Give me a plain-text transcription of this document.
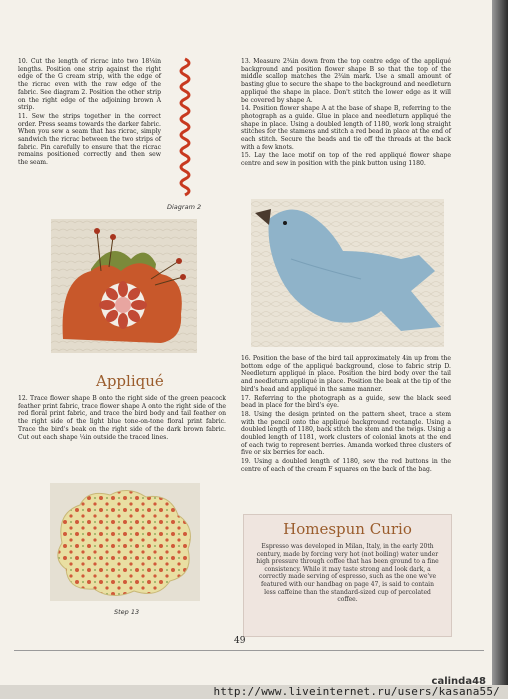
10. Cut the length of ricrac into two 18⅛in lengths. Position one strip against the right edge of the G cream strip, with the edge of the ricrac even with the raw edge of the fabric. See diagram 2. Position the other strip on the right edge of the adjoining brown A strip.

11. Sew the strips together in the correct order. Press seams towards the darker fabric. When you sew a seam that has ricrac, simply sandwich the ricrac between the two strips of fabric. Pin carefully to ensure that the ricrac remains positioned correctly and then sew the seam.

Diagram 2
Appliqué

12. Trace flower shape B onto the right side of the green peacock feather print fabric, trace flower shape A onto the right side of the red floral print fabric, and trace the bird body and tail feather on the right side of the light blue tone-on-tone floral print fabric. Trace the bird's beak on the right side of the dark brown fabric. Cut out each shape ¼in outside the traced lines.

Step 13

13. Measure 2¾in down from the top centre edge of the appliqué background and position flower shape B so that the top of the middle scallop matches the 2¾in mark. Use a small amount of basting glue to secure the shape to the background and needleturn appliqué the shape in place. Don't stitch the lower edge as it will be covered by shape A.

14. Position flower shape A at the base of shape B, referring to the photograph as a guide. Glue in place and needleturn appliqué the shape in place. Using a doubled length of 1180, work long straight stitches for the stamens and stitch a red bead in place at the end of each stitch. Secure the beads and tie off the threads at the back with a few knots.

15. Lay the lace motif on top of the red appliqué flower shape centre and sew in position with the pink button using 1180.

16. Position the base of the bird tail approximately 4in up from the bottom edge of the appliqué background, close to fabric strip D. Needleturn appliqué in place. Position the bird body over the tail and needleturn appliqué in place. Position the beak at the tip of the bird's head and appliqué in the same manner.

17. Referring to the photograph as a guide, sew the black seed bead in place for the bird's eye.

18. Using the design printed on the pattern sheet, trace a stem with the pencil onto the appliqué background rectangle. Using a doubled length of 1180, back stitch the stem and the twigs. Using a doubled length of 1181, work clusters of colonial knots at the end of each twig to represent berries. Amanda worked three clusters of five or six berries for each.

19. Using a doubled length of 1180, sew the red buttons in the centre of each of the cream F squares on the back of the bag.

Homespun Curio
Espresso was developed in Milan, Italy, in the early 20th century, made by forcing very hot (not boiling) water under high pressure through coffee that has been ground to a fine consistency. While it may taste strong and look dark, a correctly made serving of espresso, such as the one we've featured with our handbag on page 47, is said to contain less caffeine than the standard-sized cup of percolated coffee.
49
calinda48
http://www.liveinternet.ru/users/kasana55/
